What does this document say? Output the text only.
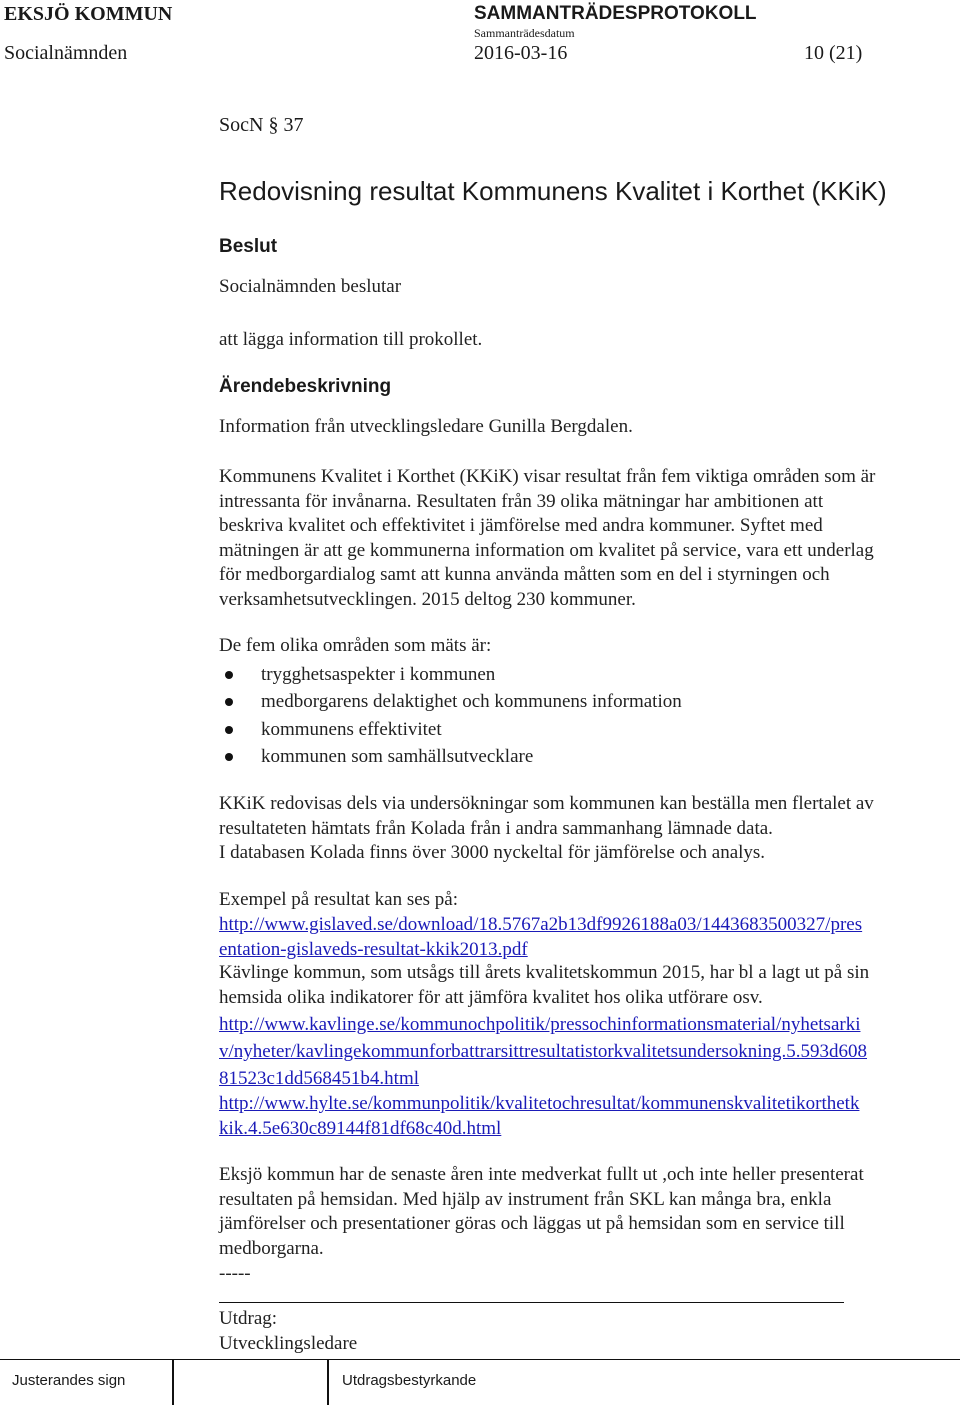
EKSJÖ KOMMUN	SAMMANTRÄDESPROTOKOLL
Sammanträdesdatum
Socialnämnden	2016-03-16	10 (21)
SocN § 37
Redovisning resultat Kommunens Kvalitet i Korthet (KKiK)
Beslut
Socialnämnden beslutar
att lägga information till prokollet.
Ärendebeskrivning
Information från utvecklingsledare Gunilla Bergdalen.
Kommunens Kvalitet i Korthet (KKiK) visar resultat från fem viktiga områden som är
intressanta för invånarna. Resultaten från 39 olika mätningar har ambitionen att
beskriva kvalitet och effektivitet i jämförelse med andra kommuner. Syftet med
mätningen är att ge kommunerna information om kvalitet på service, vara ett underlag
för medborgardialog samt att kunna använda måtten som en del i styrningen och
verksamhetsutvecklingen. 2015 deltog 230 kommuner.
De fem olika områden som mäts är:
trygghetsaspekter i kommunen
medborgarens delaktighet och kommunens information
kommunens effektivitet
kommunen som samhällsutvecklare
KKiK redovisas dels via undersökningar som kommunen kan beställa men flertalet av
resultateten hämtats från Kolada från i andra sammanhang lämnade data.
I databasen Kolada finns över 3000 nyckeltal för jämförelse och analys.
Exempel på resultat kan ses på:
http://www.gislaved.se/download/18.5767a2b13df9926188a03/1443683500327/pres
entation-gislaveds-resultat-kkik2013.pdf
Kävlinge kommun, som utsågs till årets kvalitetskommun 2015, har bl a lagt ut på sin
hemsida olika indikatorer för att jämföra kvalitet hos olika utförare osv.
http://www.kavlinge.se/kommunochpolitik/pressochinformationsmaterial/nyhetsarki
v/nyheter/kavlingekommunforbattrarsittresultatistorkvalitetsundersokning.5.593d608
81523c1dd568451b4.html
http://www.hylte.se/kommunpolitik/kvalitetochresultat/kommunenskvalitetikorthetk
kik.4.5e630c89144f81df68c40d.html
Eksjö kommun har de senaste åren inte medverkat fullt ut ,och inte heller presenterat
resultaten på hemsidan. Med hjälp av instrument från SKL kan många bra, enkla
jämförelser och presentationer göras och läggas ut på hemsidan som en service till
medborgarna.
-----
Utdrag:
Utvecklingsledare
Justerandes sign	Utdragsbestyrkande
